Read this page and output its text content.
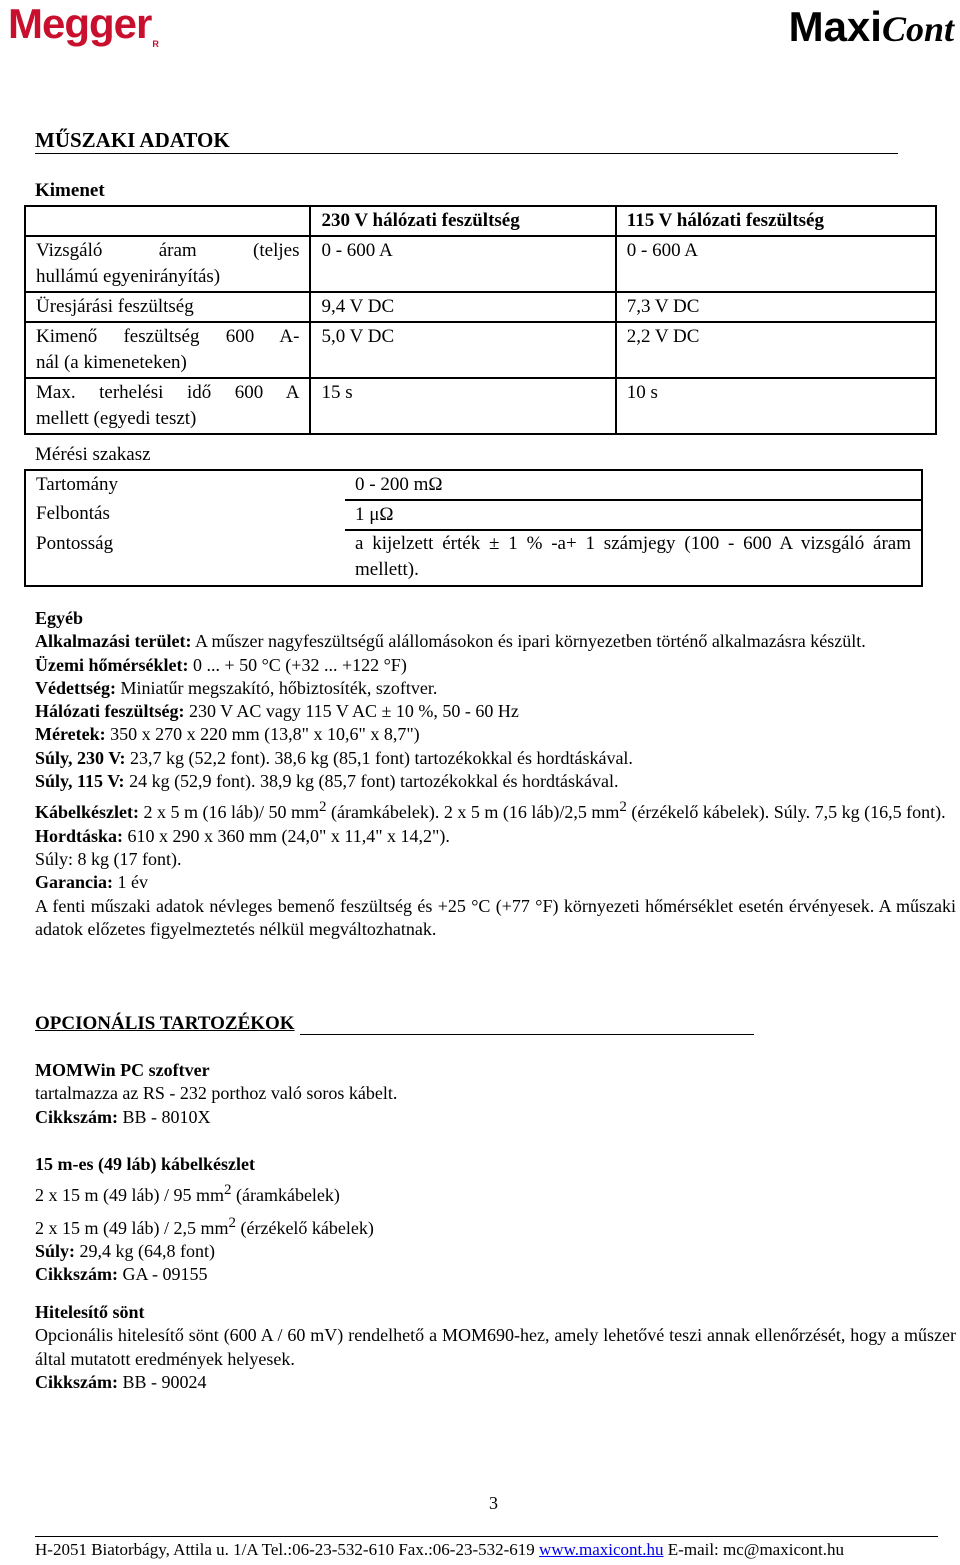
Megger$^R$	MaxiCont
MŰSZAKI ADATOK
Kimenet
	230 V hálózati feszültség	115 V hálózati feszültség

Vizsgáló áram (teljes
hullámú egyenirányítás)	0 - 600 A	0 - 600 A
Üresjárási feszültség	9,4 V DC	7,3 V DC

Kimenő feszültség 600 A-
nál (a kimeneteken)	5,0 V DC	2,2 V DC

Max. terhelési idő 600 A
mellett (egyedi teszt)	15 s	10 s
Mérési szakasz
Tartomány	0 - 200 mΩ
Felbontás	1 μΩ
Pontosság	a kijelzett érték ± 1 % -a+ 1 számjegy (100 - 600 A vizsgáló áram mellett).
Egyéb
Alkalmazási terület: A műszer nagyfeszültségű alállomásokon és ipari környezetben történő alkalmazásra készült.
Üzemi hőmérséklet: 0 ... + 50 °C (+32 ... +122 °F)
Védettség: Miniatűr megszakító, hőbiztosíték, szoftver.
Hálózati feszültség: 230 V AC vagy 115 V AC ± 10 %, 50 - 60 Hz
Méretek: 350 x 270 x 220 mm (13,8" x 10,6" x 8,7")
Súly, 230 V: 23,7 kg (52,2 font). 38,6 kg (85,1 font) tartozékokkal és hordtáskával.
Súly, 115 V: 24 kg (52,9 font). 38,9 kg (85,7 font) tartozékokkal és hordtáskával.
Kábelkészlet: 2 x 5 m (16 láb)/ 50 $mm^2$ (áramkábelek). 2 x 5 m (16 láb)/2,5 $mm^2$ (érzékelő kábelek). Súly. 7,5 kg (16,5 font).
Hordtáska: 610 x 290 x 360 mm (24,0" x 11,4" x 14,2").
Súly: 8 kg (17 font).
Garancia: 1 év
A fenti műszaki adatok névleges bemenő feszültség és +25 °C (+77 °F) környezeti hőmérséklet esetén érvényesek. A műszaki adatok előzetes figyelmeztetés nélkül megváltozhatnak.
OPCIONÁLIS TARTOZÉKOK
MOMWin PC szoftver
tartalmazza az RS - 232 porthoz való soros kábelt.
Cikkszám: BB - 8010X
15 m-es (49 láb) kábelkészlet
2 x 15 m (49 láb) / 95 $mm^2$ (áramkábelek)
2 x 15 m (49 láb) / 2,5 $mm^2$ (érzékelő kábelek)
Súly: 29,4 kg (64,8 font)
Cikkszám: GA - 09155
Hitelesítő sönt
Opcionális hitelesítő sönt (600 A / 60 mV) rendelhető a MOM690-hez, amely lehetővé teszi annak ellenőrzését, hogy a műszer által mutatott eredmények helyesek.
Cikkszám: BB - 90024
3
H-2051 Biatorbágy, Attila u. 1/A Tel.:06-23-532-610 Fax.:06-23-532-619 www.maxicont.hu E-mail: mc@maxicont.hu
